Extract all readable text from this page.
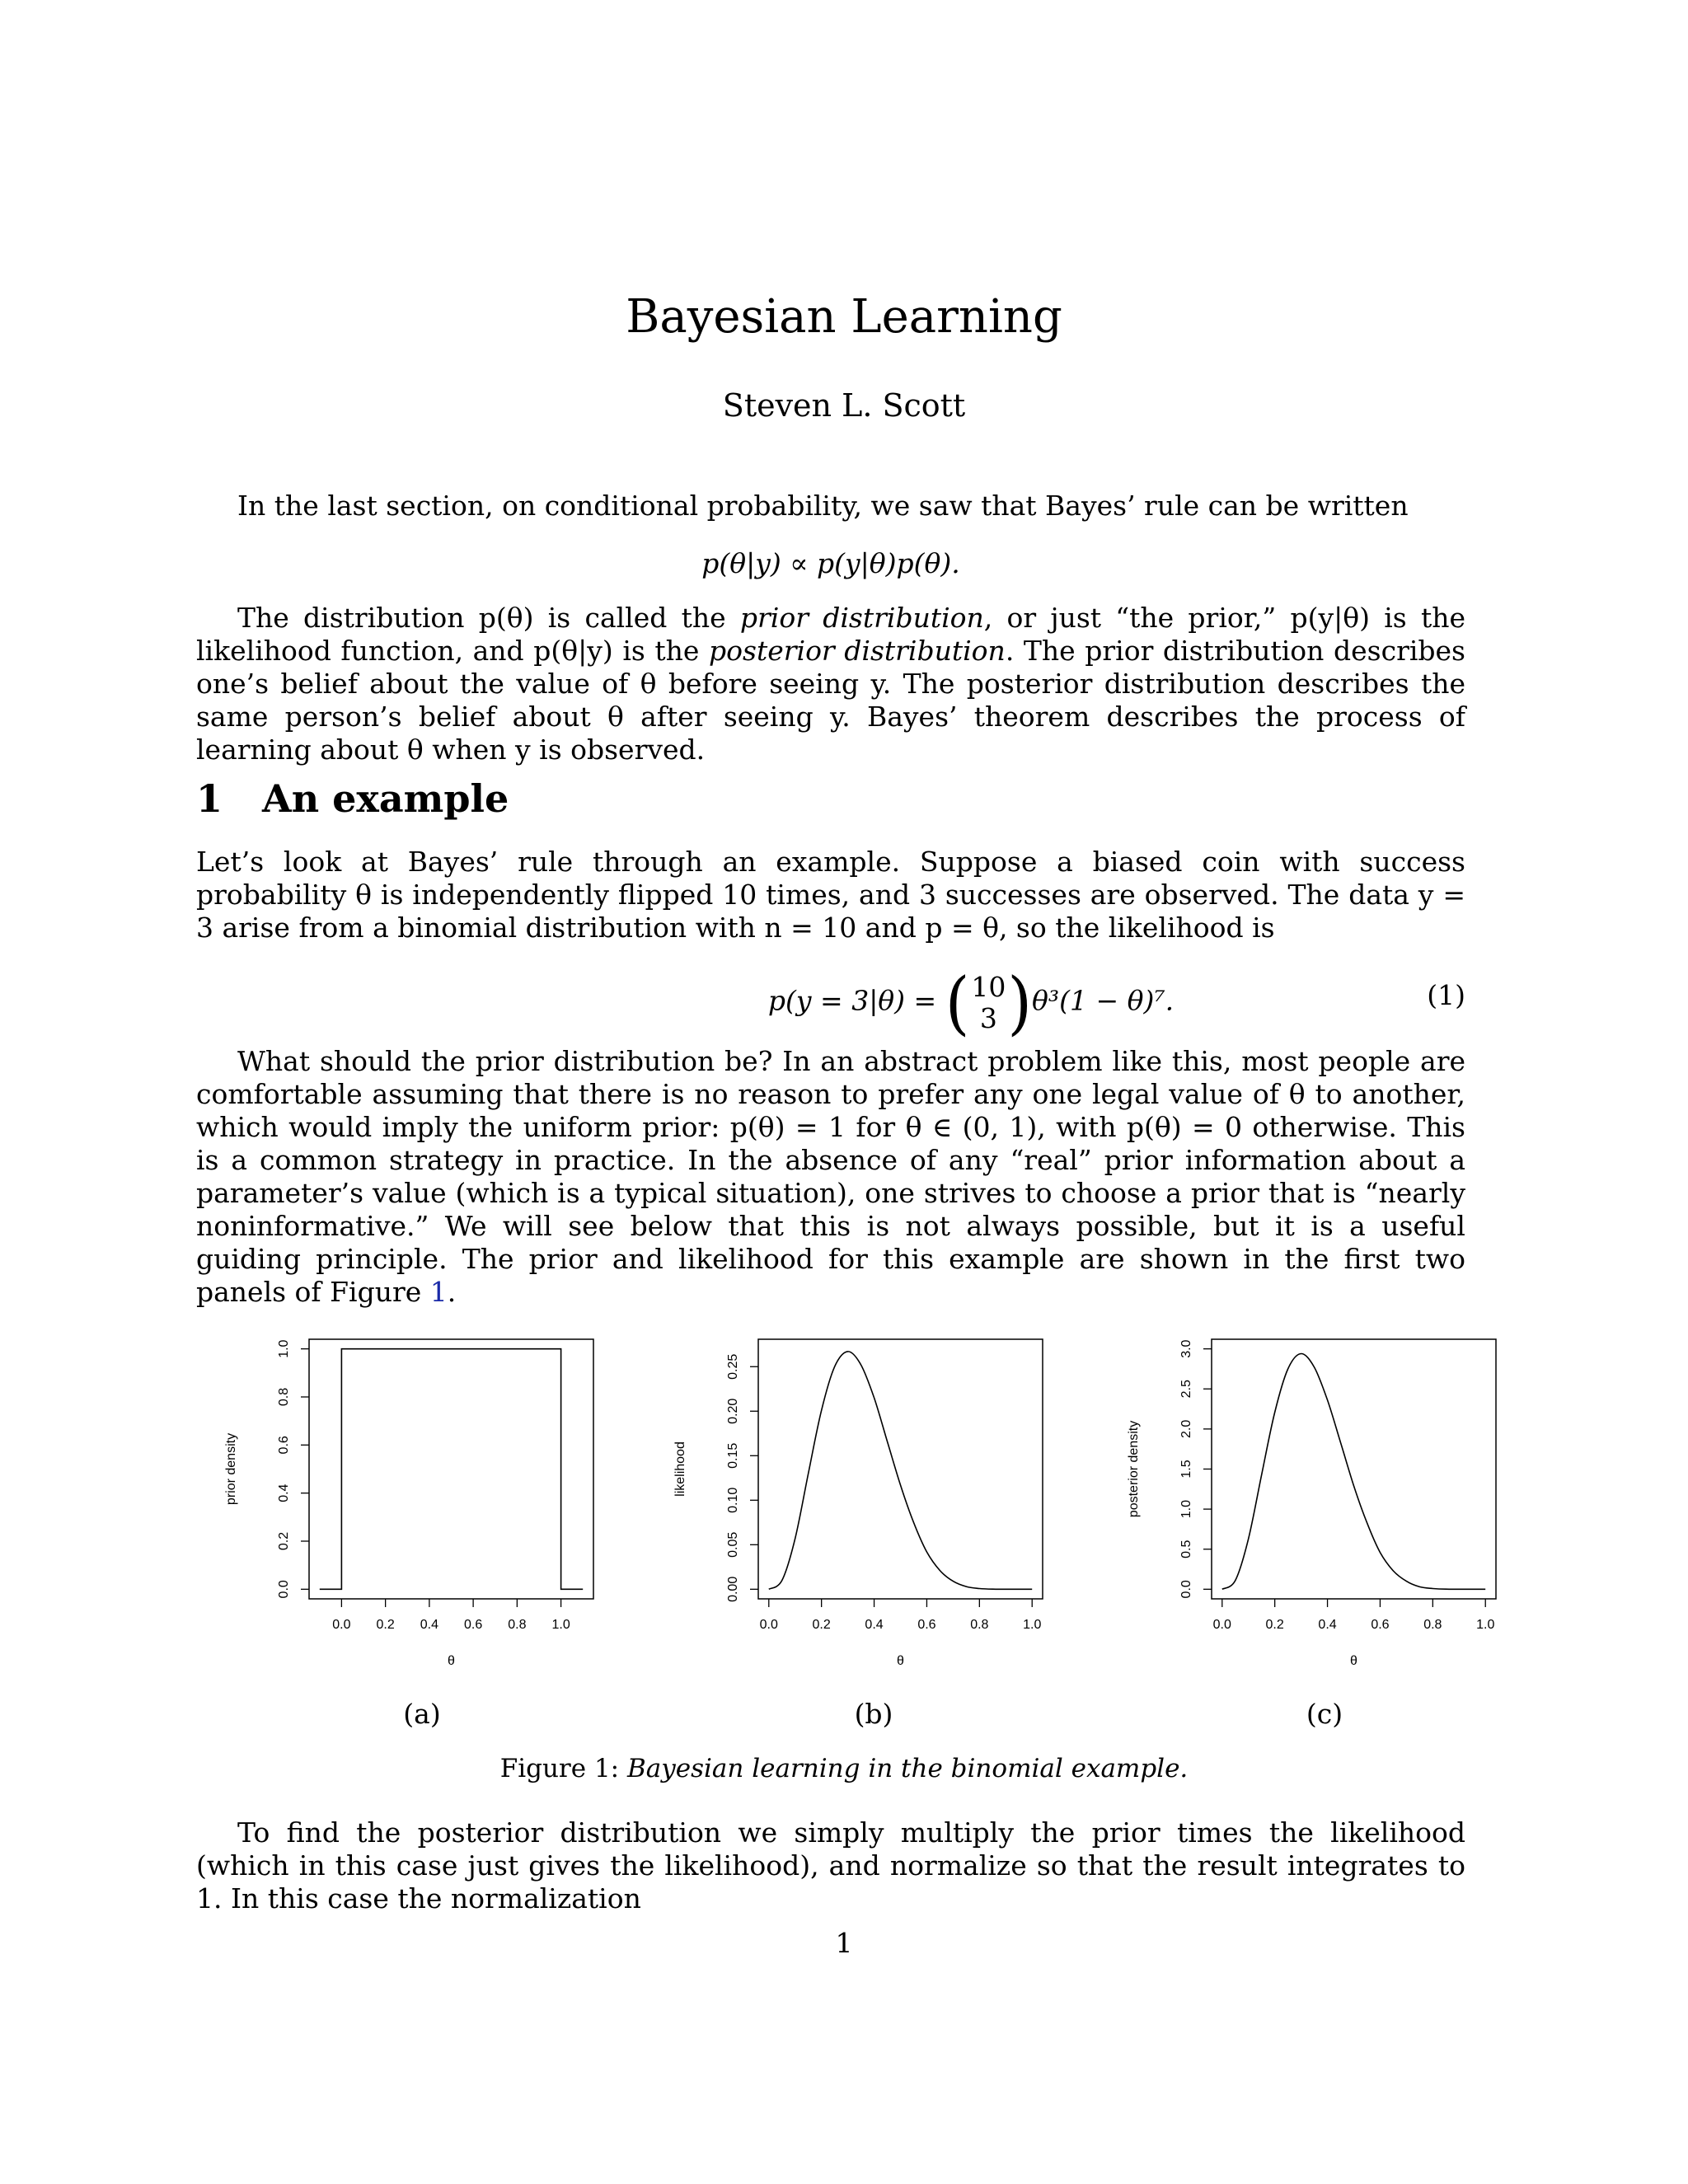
Bayesian Learning
Steven L. Scott
In the last section, on conditional probability, we saw that Bayes’ rule can be written
p(θ|y) ∝ p(y|θ)p(θ).
The distribution p(θ) is called the prior distribution, or just “the prior,” p(y|θ) is the likelihood function, and p(θ|y) is the posterior distribution. The prior distribution describes one’s belief about the value of θ before seeing y. The posterior distribution describes the same person’s belief about θ after seeing y. Bayes’ theorem describes the process of learning about θ when y is observed.
1 An example
Let’s look at Bayes’ rule through an example. Suppose a biased coin with success probability θ is independently flipped 10 times, and 3 successes are observed. The data y = 3 arise from a binomial distribution with n = 10 and p = θ, so the likelihood is
p(y = 3|θ) = (10
3 )θ³(1 − θ)⁷.	(1)
What should the prior distribution be? In an abstract problem like this, most people are comfortable assuming that there is no reason to prefer any one legal value of θ to another, which would imply the uniform prior: p(θ) = 1 for θ ∈ (0, 1), with p(θ) = 0 otherwise. This is a common strategy in practice. In the absence of any “real” prior information about a parameter’s value (which is a typical situation), one strives to choose a prior that is “nearly noninformative.” We will see below that this is not always possible, but it is a useful guiding principle. The prior and likelihood for this example are shown in the first two panels of Figure 1.
0.0 0.2 0.4 0.6 0.8 1.0
0.0
0.2
0.4
0.6
0.8
1.0
θ
prior density
0.0	0.2	0.4	0.6	0.8	1.0
0.00
0.05
0.10
0.15
0.20
0.25
θ
likelihood
0.0	0.2	0.4	0.6	0.8	1.0
0.0
0.5
1.0
1.5
2.0
2.5
3.0
θ
posterior density
(a)	(b)	(c)
Figure 1: Bayesian learning in the binomial example.
To find the posterior distribution we simply multiply the prior times the likelihood (which in this case just gives the likelihood), and normalize so that the result integrates to 1. In this case the normalization
1
